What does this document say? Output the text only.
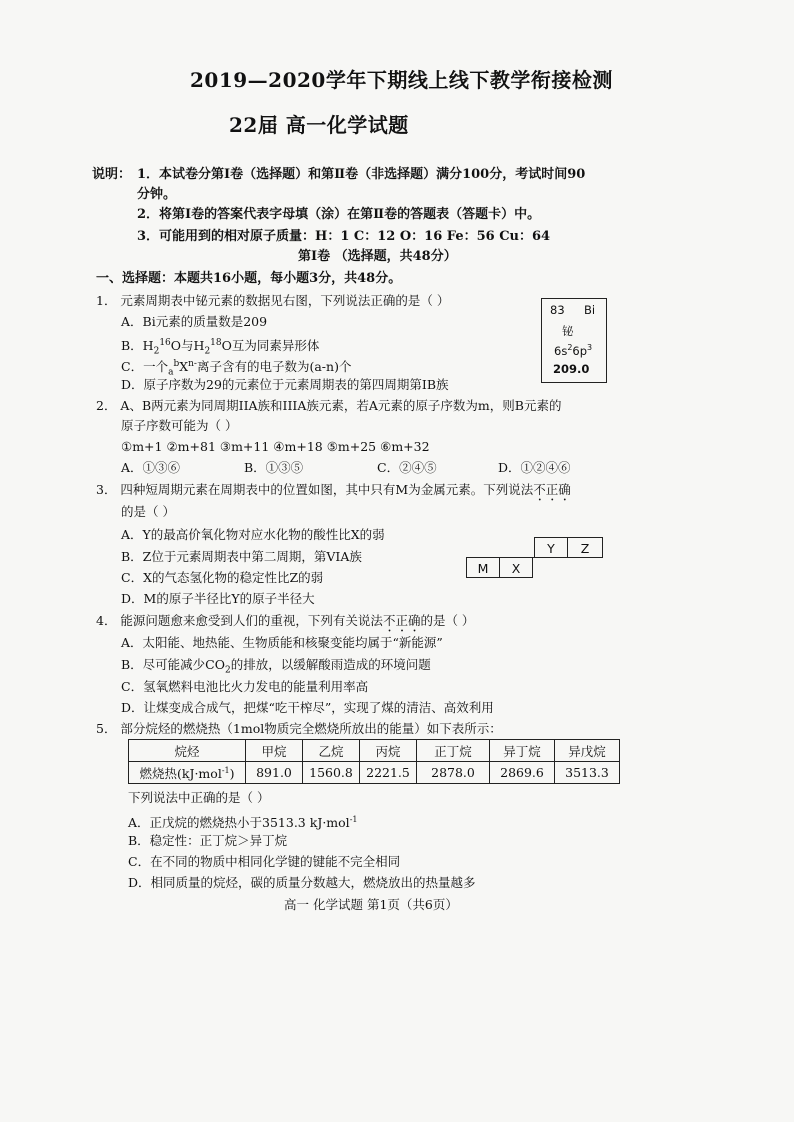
2019—2020学年下期线上线下教学衔接检测
22届 高一化学试题
说明： 1．本试卷分第Ⅰ卷（选择题）和第Ⅱ卷（非选择题）满分100分，考试时间90
分钟。
2．将第Ⅰ卷的答案代表字母填（涂）在第Ⅱ卷的答题表（答题卡）中。
3．可能用到的相对原子质量：H：1 C：12 O：16 Fe：56 Cu：64
第Ⅰ卷 （选择题，共48分）
一、选择题：本题共16小题，每小题3分，共48分。
1． 元素周期表中铋元素的数据见右图，下列说法正确的是（ ）
A．Bi元素的质量数是209
B．$H_2^{16}O$与$H_2^{18}O$互为同素异形体
C．一个$_a^bX^{n-}$离子含有的电子数为(a-n)个
D．原子序数为29的元素位于元素周期表的第四周期第IB族
83 Bi
铋
$6s^26p^3$
209.0
2． A、B两元素为同周期IIA族和IIIA族元素，若A元素的原子序数为m，则B元素的
原子序数可能为（ ）
①m+1 ②m+81 ③m+11 ④m+18 ⑤m+25 ⑥m+32
A．①③⑥	B．①③⑤	C．②④⑤	D．①②④⑥
3． 四种短周期元素在周期表中的位置如图，其中只有M为金属元素。下列说法不正确
的是（ ）
A．Y的最高价氧化物对应水化物的酸性比X的弱
B．Z位于元素周期表中第二周期，第VIA族
C．X的气态氢化物的稳定性比Z的弱
D．M的原子半径比Y的原子半径大
Y	Z
M	X
4． 能源问题愈来愈受到人们的重视，下列有关说法不正确的是（ ）
A．太阳能、地热能、生物质能和核聚变能均属于“新能源”
B．尽可能减少$CO_2$的排放，以缓解酸雨造成的环境问题
C．氢氧燃料电池比火力发电的能量利用率高
D．让煤变成合成气，把煤“吃干榨尽”，实现了煤的清洁、高效利用
5． 部分烷烃的燃烧热（1mol物质完全燃烧所放出的能量）如下表所示：
烷烃	甲烷	乙烷	丙烷	正丁烷	异丁烷	异戊烷
燃烧热(kJ·mol$^{-1}$)	891.0	1560.8	2221.5	2878.0	2869.6	3513.3
下列说法中正确的是（ ）
A．正戊烷的燃烧热小于3513.3 kJ·mol$^{-1}$
B．稳定性：正丁烷＞异丁烷
C．在不同的物质中相同化学键的键能不完全相同
D．相同质量的烷烃，碳的质量分数越大，燃烧放出的热量越多
高一 化学试题 第1页（共6页）
